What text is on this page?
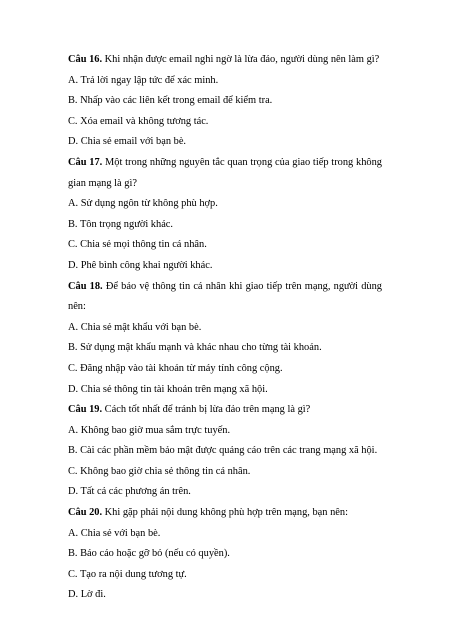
Câu 16. Khi nhận được email nghi ngờ là lừa đảo, người dùng nên làm gì?

A. Trả lời ngay lập tức để xác minh.

B. Nhấp vào các liên kết trong email để kiểm tra.

C. Xóa email và không tương tác.

D. Chia sẻ email với bạn bè.

Câu 17. Một trong những nguyên tắc quan trọng của giao tiếp trong không gian mạng là gì?

A. Sử dụng ngôn từ không phù hợp.

B. Tôn trọng người khác.

C. Chia sẻ mọi thông tin cá nhân.

D. Phê bình công khai người khác.

Câu 18. Để bảo vệ thông tin cá nhân khi giao tiếp trên mạng, người dùng nên:

A. Chia sẻ mật khẩu với bạn bè.

B. Sử dụng mật khẩu mạnh và khác nhau cho từng tài khoản.

C. Đăng nhập vào tài khoản từ máy tính công cộng.

D. Chia sẻ thông tin tài khoản trên mạng xã hội.

Câu 19. Cách tốt nhất để tránh bị lừa đảo trên mạng là gì?

A. Không bao giờ mua sắm trực tuyến.

B. Cài các phần mềm bảo mật được quảng cáo trên các trang mạng xã hội.

C. Không bao giờ chia sẻ thông tin cá nhân.

D. Tất cả các phương án trên.

Câu 20. Khi gặp phải nội dung không phù hợp trên mạng, bạn nên:

A. Chia sẻ với bạn bè.

B. Báo cáo hoặc gỡ bỏ (nếu có quyền).

C. Tạo ra nội dung tương tự.

D. Lờ đi.
